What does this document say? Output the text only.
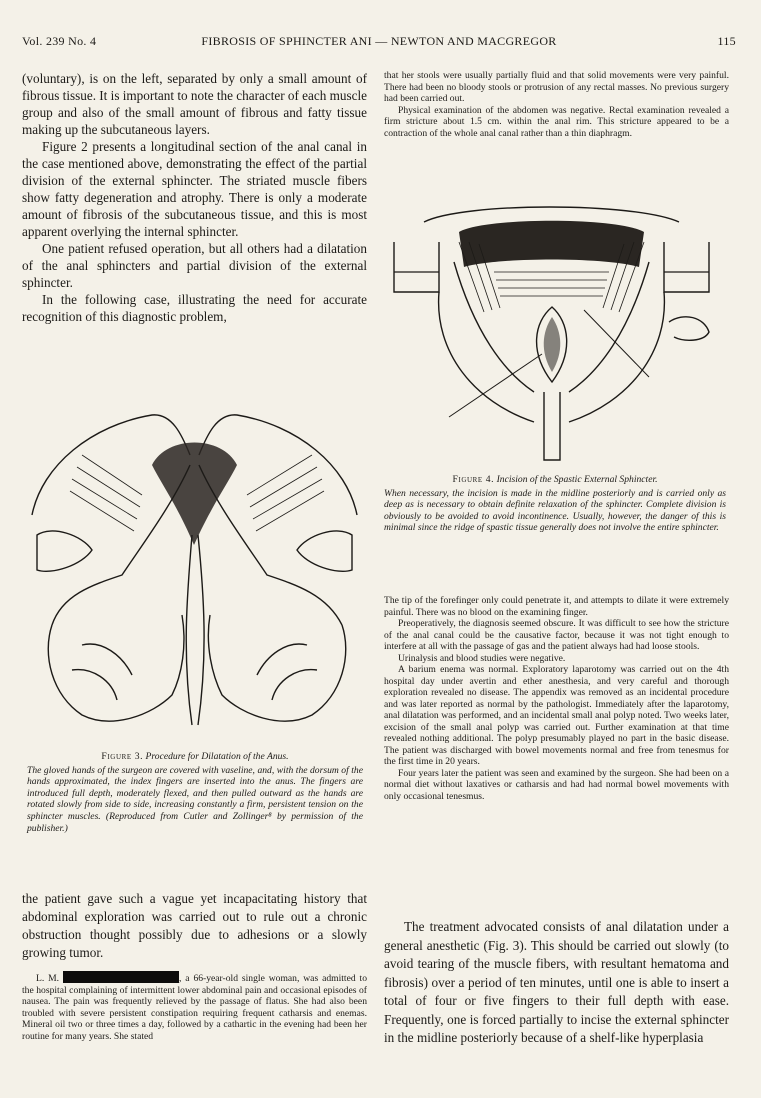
Vol. 239 No. 4	FIBROSIS OF SPHINCTER ANI — NEWTON AND MACGREGOR	115

(voluntary), is on the left, separated by only a small amount of fibrous tissue. It is important to note the character of each muscle group and also of the small amount of fibrous and fatty tissue making up the subcutaneous layers.

Figure 2 presents a longitudinal section of the anal canal in the case mentioned above, demonstrating the effect of the partial division of the external sphincter. The striated muscle fibers show fatty degeneration and atrophy. There is only a moderate amount of fibrosis of the subcutaneous tissue, and this is most apparent overlying the internal sphincter.

One patient refused operation, but all others had a dilatation of the anal sphincters and partial division of the external sphincter.

In the following case, illustrating the need for accurate recognition of this diagnostic problem,

Figure 3. Procedure for Dilatation of the Anus.

The gloved hands of the surgeon are covered with vaseline, and, with the dorsum of the hands approximated, the index fingers are inserted into the anus. The fingers are introduced full depth, moderately flexed, and then pulled outward as the hands are rotated slowly from side to side, increasing constantly a firm, persistent tension on the sphincter muscles. (Reproduced from Cutler and Zollinger⁸ by permission of the publisher.)

the patient gave such a vague yet incapacitating history that abdominal exploration was carried out to rule out a chronic obstruction thought possibly due to adhesions or a slowly growing tumor.

L. M.	, a 66-year-old single woman, was admitted to the hospital complaining of intermittent lower abdominal pain and occasional episodes of nausea. The pain was frequently relieved by the passage of flatus. She had also been troubled with severe persistent constipation requiring frequent catharsis and enemas. Mineral oil two or three times a day, followed by a cathartic in the evening had been her routine for many years. She stated

that her stools were usually partially fluid and that solid movements were very painful. There had been no bloody stools or protrusion of any rectal masses. No previous surgery had been carried out.

Physical examination of the abdomen was negative. Rectal examination revealed a firm stricture about 1.5 cm. within the anal rim. This stricture appeared to be a contraction of the whole anal canal rather than a thin diaphragm.

Figure 4. Incision of the Spastic External Sphincter.

When necessary, the incision is made in the midline posteriorly and is carried only as deep as is necessary to obtain definite relaxation of the sphincter. Complete division is obviously to be avoided to avoid incontinence. Usually, however, the danger of this is minimal since the ridge of spastic tissue generally does not involve the entire sphincter.

The tip of the forefinger only could penetrate it, and attempts to dilate it were extremely painful. There was no blood on the examining finger.

Preoperatively, the diagnosis seemed obscure. It was difficult to see how the stricture of the anal canal could be the causative factor, because it was not tight enough to interfere at all with the passage of gas and the patient always had had loose stools.

Urinalysis and blood studies were negative.

A barium enema was normal. Exploratory laparotomy was carried out on the 4th hospital day under avertin and ether anesthesia, and very careful and thorough exploration revealed no disease. The appendix was removed as an incidental procedure and was later reported as normal by the pathologist. Immediately after the laparotomy, anal dilatation was performed, and an incidental small anal polyp noted. Two weeks later, excision of the small anal polyp was carried out. Further examination at that time revealed nothing additional. The polyp presumably played no part in the basic disease. The patient was discharged with bowel movements normal and free from tenesmus for the first time in 20 years.

Four years later the patient was seen and examined by the surgeon. She had been on a normal diet without laxatives or catharsis and had had normal bowel movements with only occasional tenesmus.

The treatment advocated consists of anal dilatation under a general anesthetic (Fig. 3). This should be carried out slowly (to avoid tearing of the muscle fibers, with resultant hematoma and fibrosis) over a period of ten minutes, until one is able to insert a total of four or five fingers to their full depth with ease. Frequently, one is forced partially to incise the external sphincter in the midline posteriorly because of a shelf-like hyperplasia
